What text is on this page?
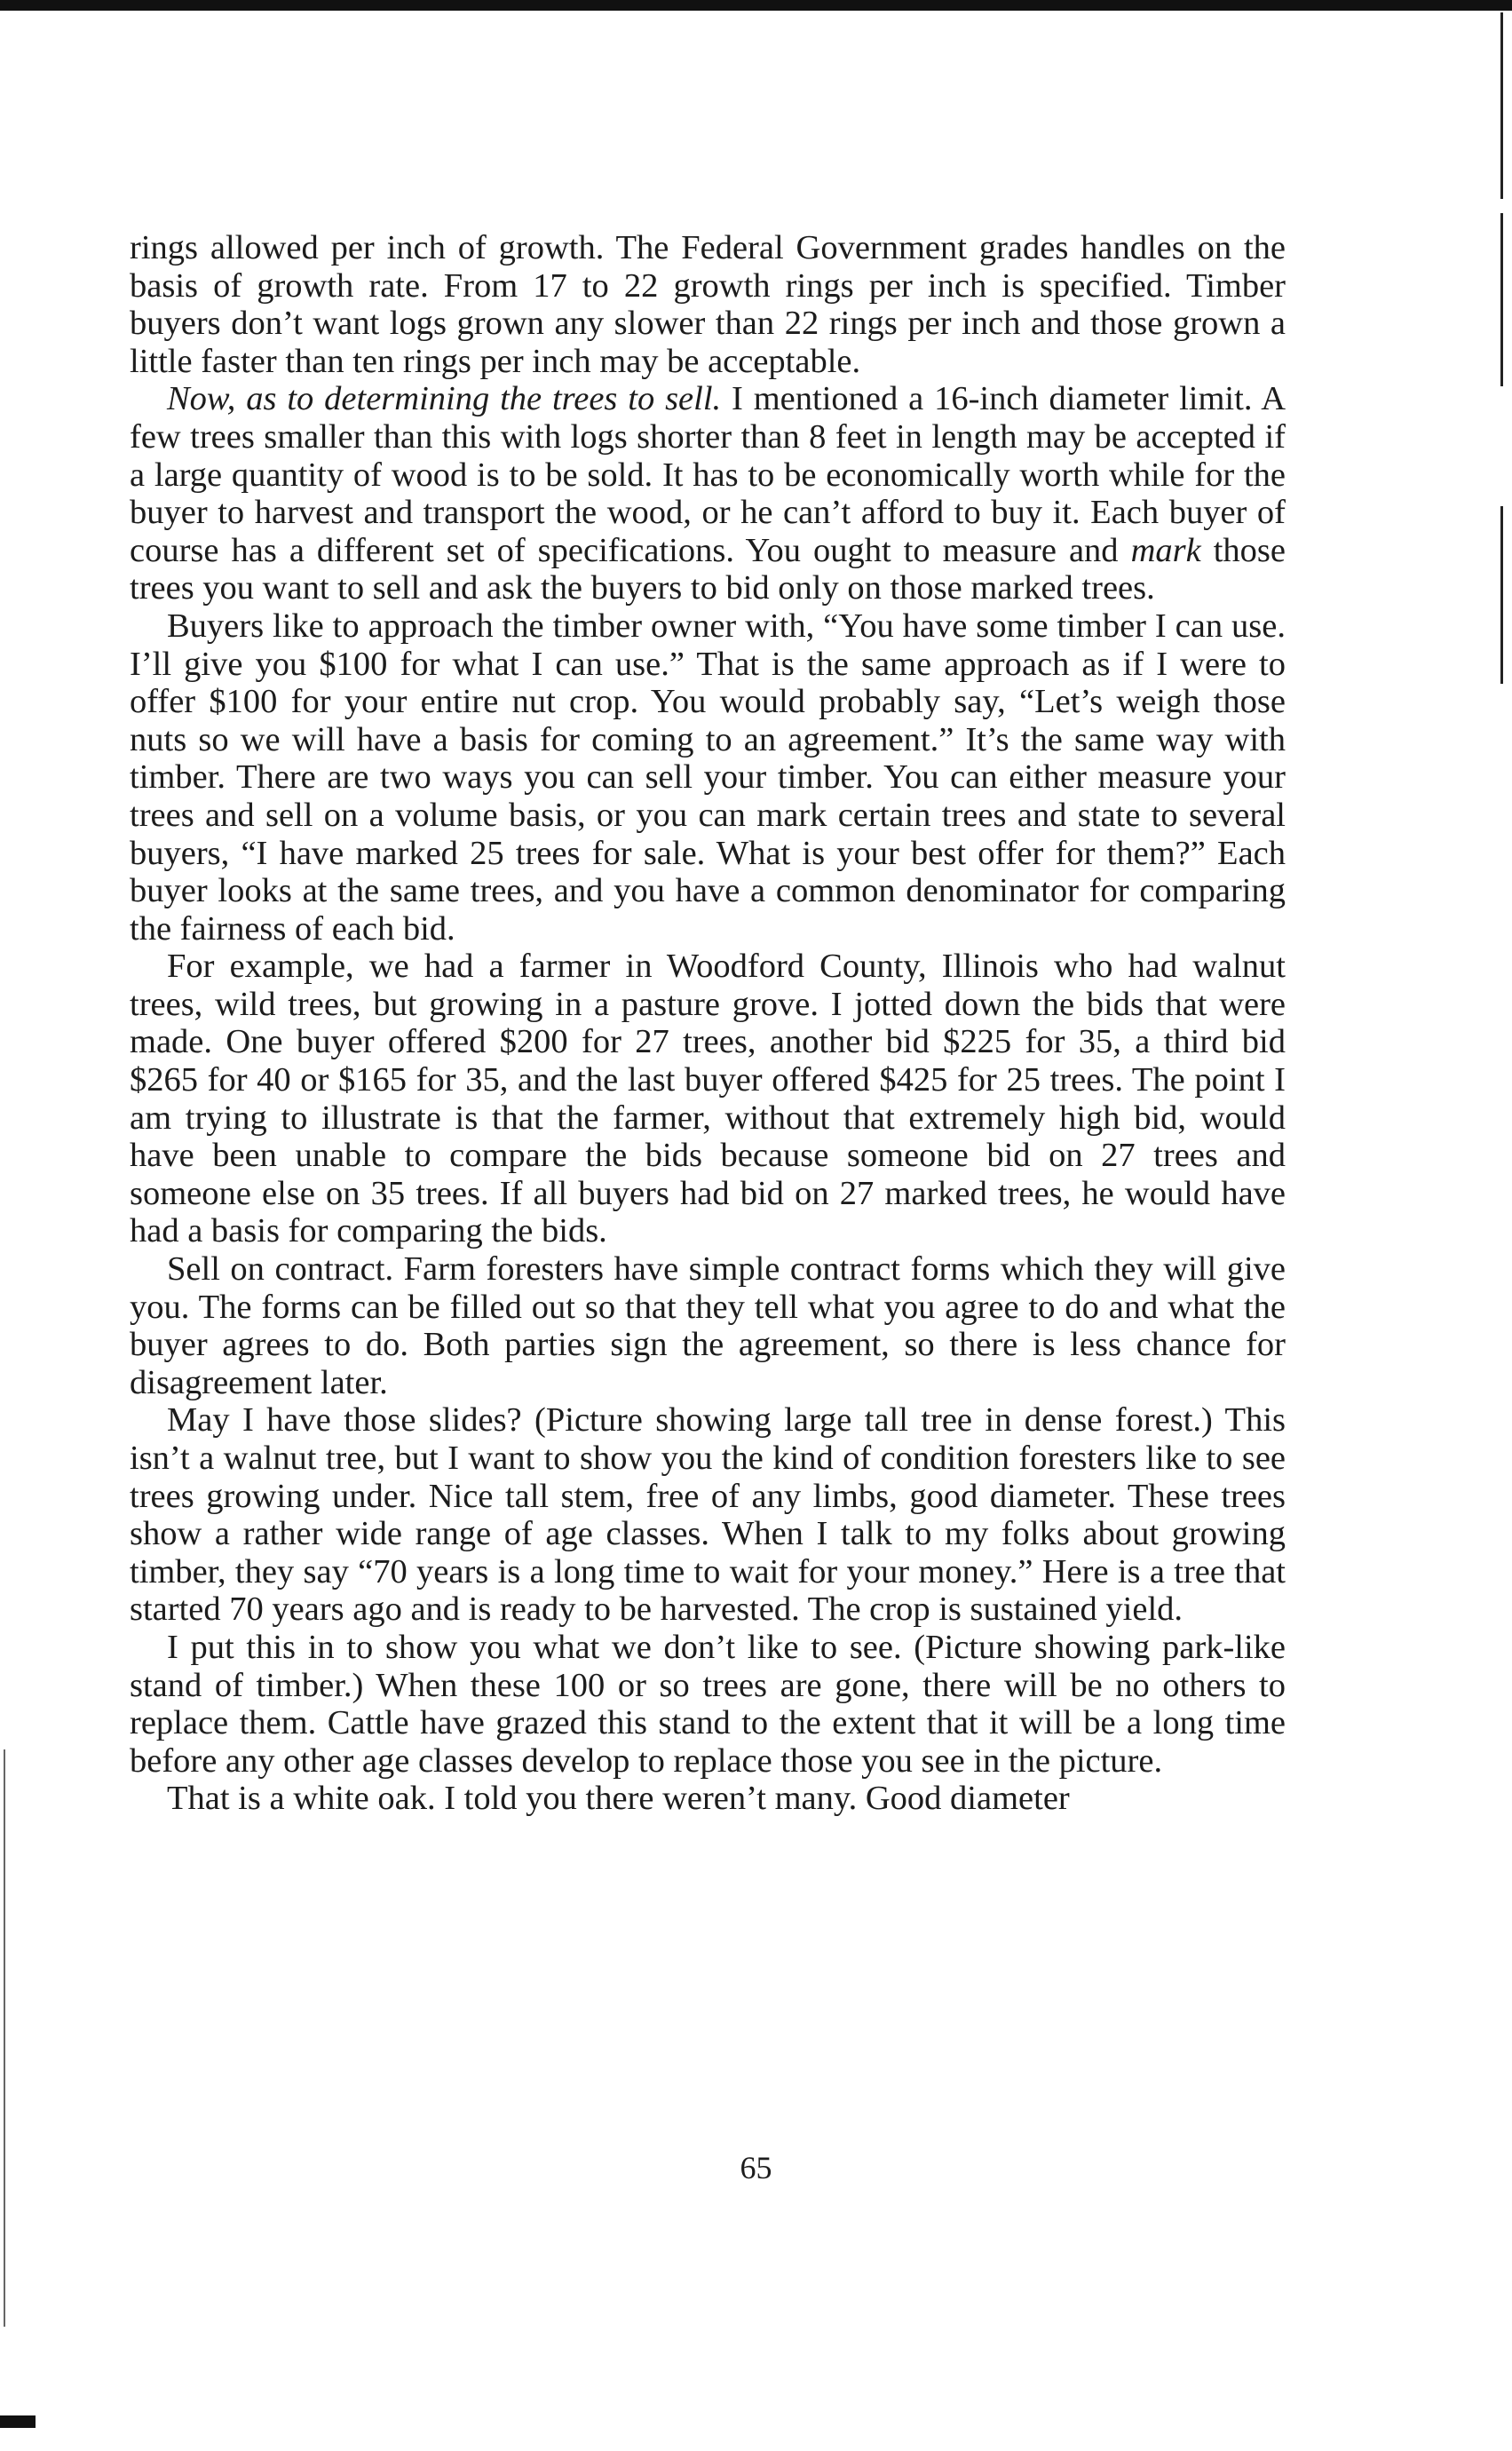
rings allowed per inch of growth. The Federal Government grades handles on the basis of growth rate. From 17 to 22 growth rings per inch is specified. Timber buyers don’t want logs grown any slower than 22 rings per inch and those grown a little faster than ten rings per inch may be acceptable.

Now, as to determining the trees to sell. I mentioned a 16-inch diameter limit. A few trees smaller than this with logs shorter than 8 feet in length may be accepted if a large quantity of wood is to be sold. It has to be economically worth while for the buyer to harvest and transport the wood, or he can’t afford to buy it. Each buyer of course has a different set of specifications. You ought to measure and mark those trees you want to sell and ask the buyers to bid only on those marked trees.

Buyers like to approach the timber owner with, “You have some timber I can use. I’ll give you $100 for what I can use.” That is the same approach as if I were to offer $100 for your entire nut crop. You would probably say, “Let’s weigh those nuts so we will have a basis for coming to an agreement.” It’s the same way with timber. There are two ways you can sell your timber. You can either measure your trees and sell on a volume basis, or you can mark certain trees and state to several buyers, “I have marked 25 trees for sale. What is your best offer for them?” Each buyer looks at the same trees, and you have a common denominator for comparing the fairness of each bid.

For example, we had a farmer in Woodford County, Illinois who had walnut trees, wild trees, but growing in a pasture grove. I jotted down the bids that were made. One buyer offered $200 for 27 trees, another bid $225 for 35, a third bid $265 for 40 or $165 for 35, and the last buyer offered $425 for 25 trees. The point I am trying to illustrate is that the farmer, without that extremely high bid, would have been unable to compare the bids because someone bid on 27 trees and someone else on 35 trees. If all buyers had bid on 27 marked trees, he would have had a basis for comparing the bids.

Sell on contract. Farm foresters have simple contract forms which they will give you. The forms can be filled out so that they tell what you agree to do and what the buyer agrees to do. Both parties sign the agreement, so there is less chance for disagreement later.

May I have those slides? (Picture showing large tall tree in dense forest.) This isn’t a walnut tree, but I want to show you the kind of condition foresters like to see trees growing under. Nice tall stem, free of any limbs, good diameter. These trees show a rather wide range of age classes. When I talk to my folks about growing timber, they say “70 years is a long time to wait for your money.” Here is a tree that started 70 years ago and is ready to be harvested. The crop is sustained yield.

I put this in to show you what we don’t like to see. (Picture showing park-like stand of timber.) When these 100 or so trees are gone, there will be no others to replace them. Cattle have grazed this stand to the extent that it will be a long time before any other age classes develop to replace those you see in the picture.

That is a white oak. I told you there weren’t many. Good diameter

65
